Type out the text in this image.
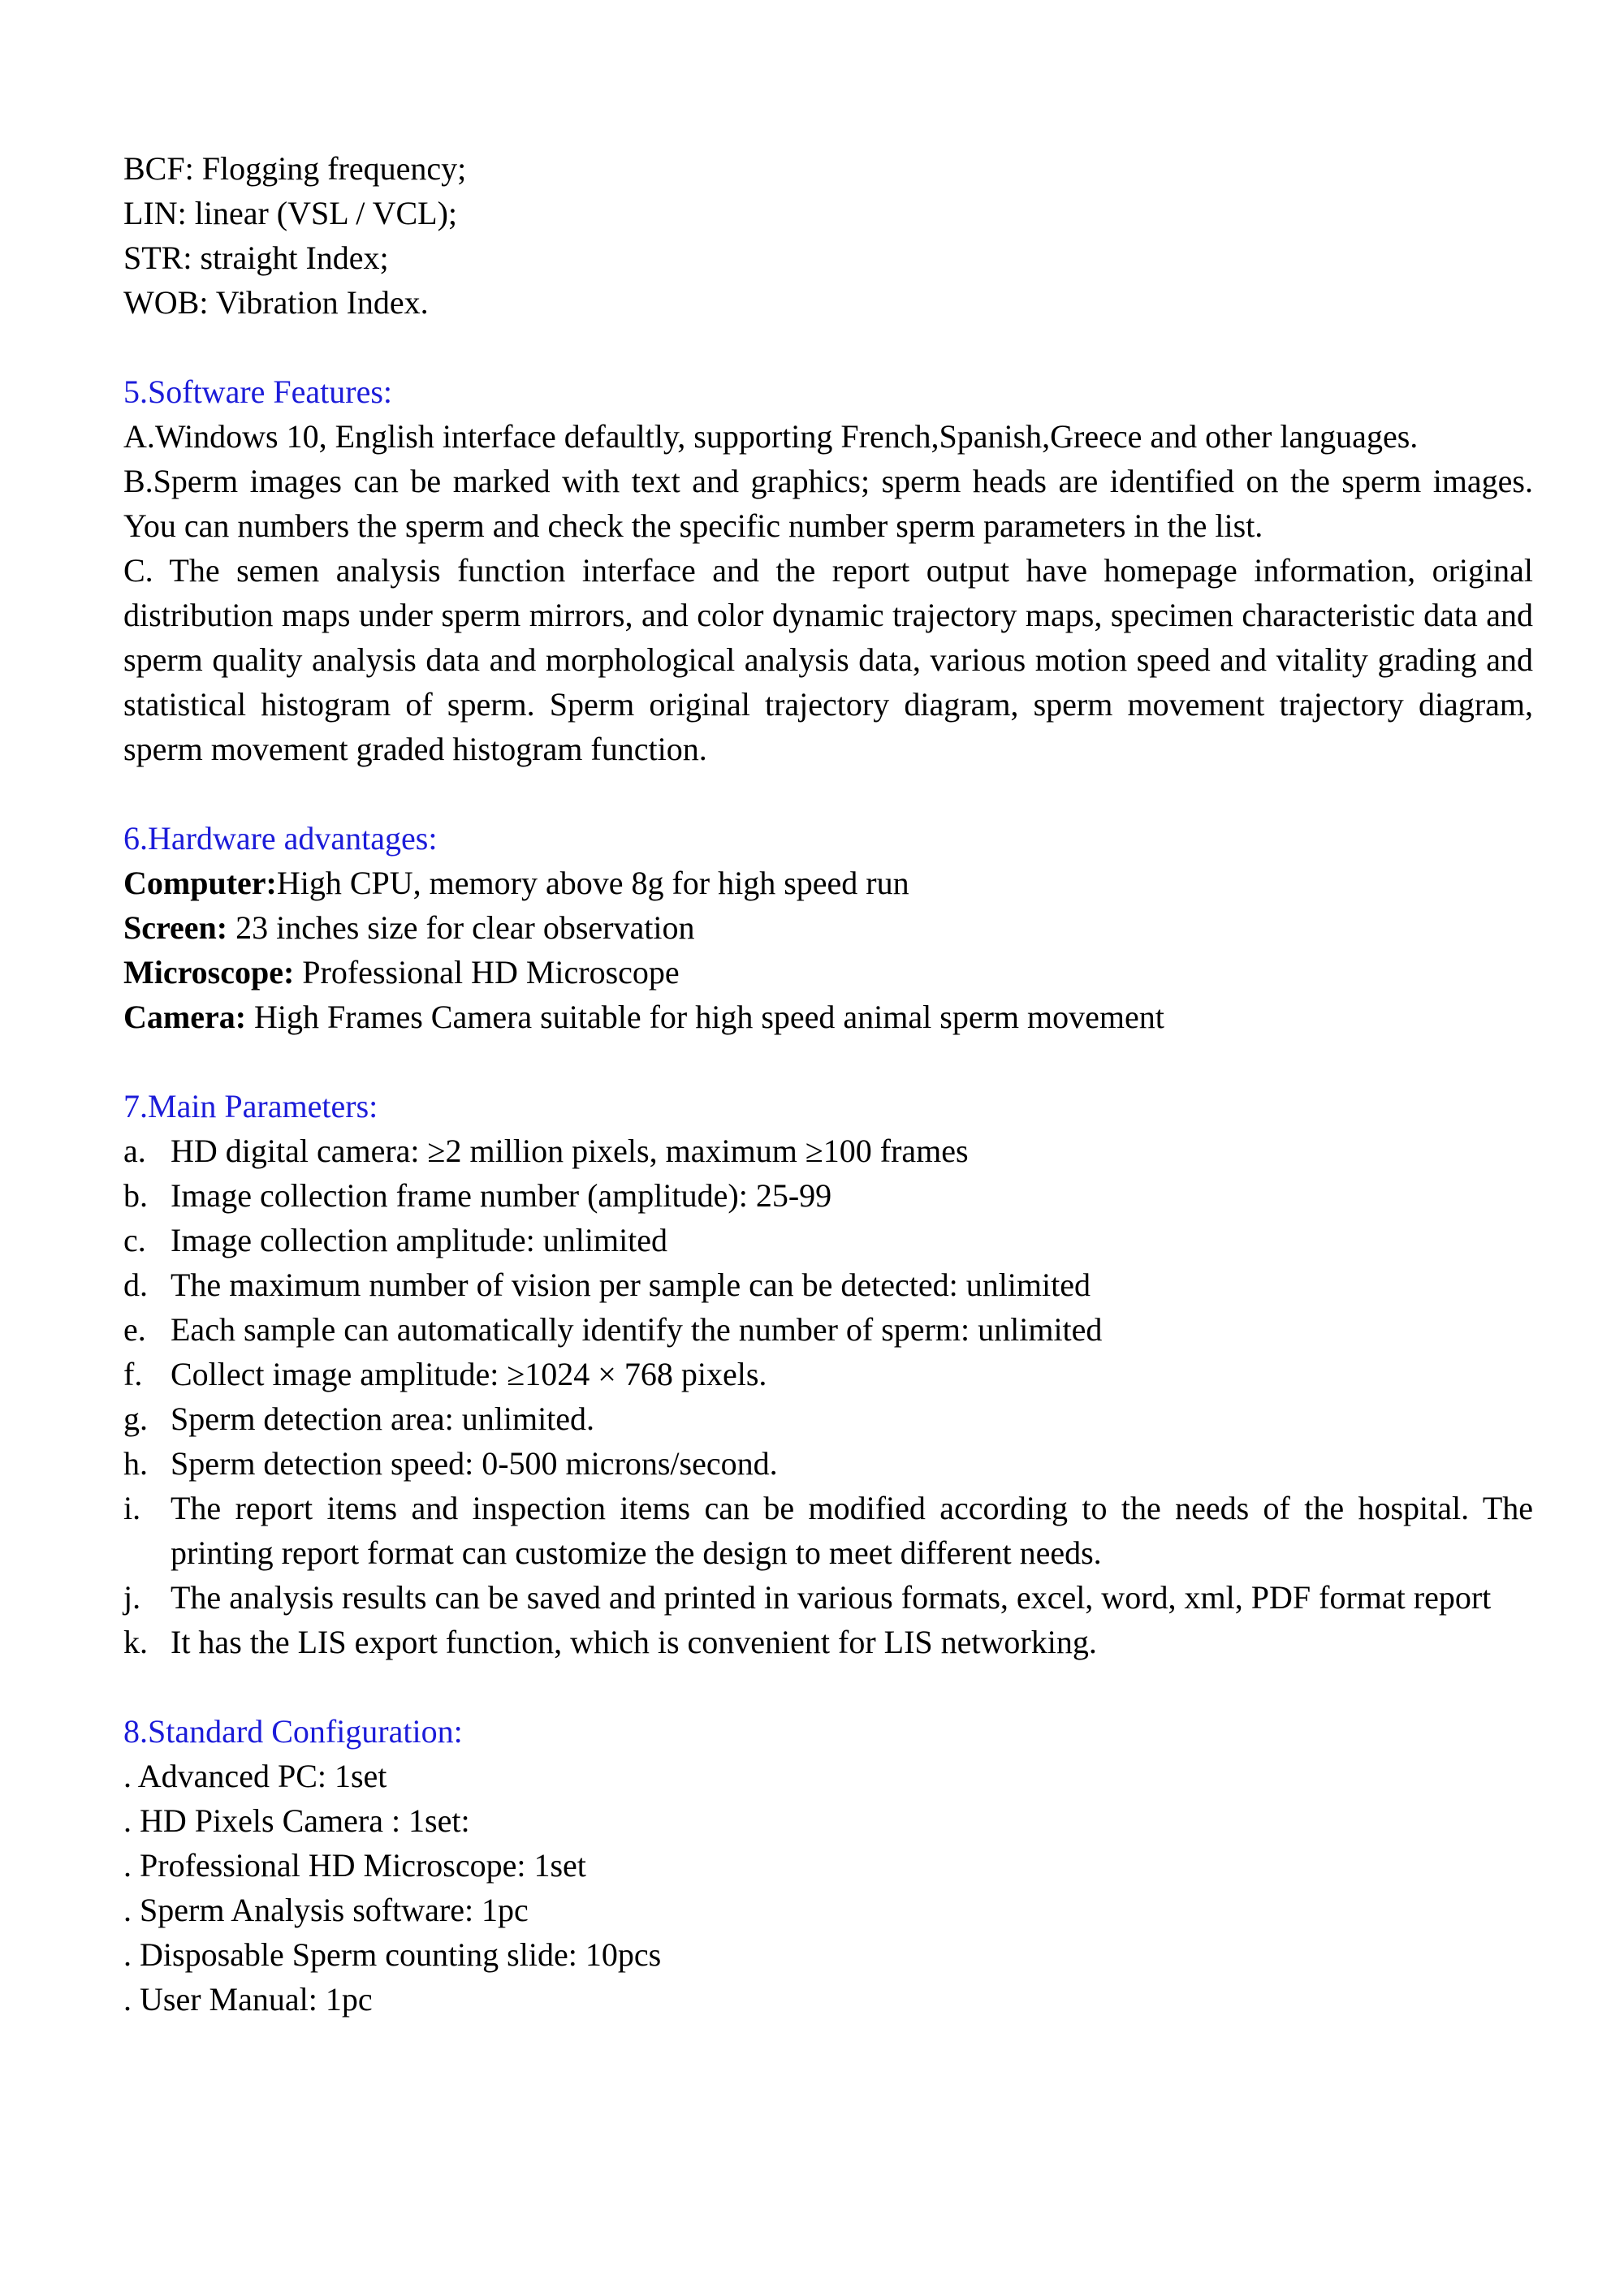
BCF: Flogging frequency;
LIN: linear (VSL / VCL);
STR: straight Index;
WOB: Vibration Index.
5.Software Features:
A.Windows 10, English interface defaultly, supporting French,Spanish,Greece and other languages.
B.Sperm images can be marked with text and graphics; sperm heads are identified on the sperm images. You can numbers the sperm and check the specific number sperm parameters in the list.
C. The semen analysis function interface and the report output have homepage information, original distribution maps under sperm mirrors, and color dynamic trajectory maps, specimen characteristic data and sperm quality analysis data and morphological analysis data, various motion speed and vitality grading and statistical histogram of sperm. Sperm original trajectory diagram, sperm movement trajectory diagram, sperm movement graded histogram function.
6.Hardware advantages:
Computer:High CPU, memory above 8g for high speed run
Screen: 23 inches size for clear observation
Microscope: Professional HD Microscope
Camera: High Frames Camera suitable for high speed animal sperm movement
7.Main Parameters:
a. HD digital camera: ≥2 million pixels, maximum ≥100 frames
b. Image collection frame number (amplitude): 25-99
c. Image collection amplitude: unlimited
d. The maximum number of vision per sample can be detected: unlimited
e. Each sample can automatically identify the number of sperm: unlimited
f. Collect image amplitude: ≥1024 × 768 pixels.
g. Sperm detection area: unlimited.
h. Sperm detection speed: 0-500 microns/second.
i. The report items and inspection items can be modified according to the needs of the hospital. The printing report format can customize the design to meet different needs.
j. The analysis results can be saved and printed in various formats, excel, word, xml, PDF format report
k. It has the LIS export function, which is convenient for LIS networking.
8.Standard Configuration:
. Advanced PC: 1set
. HD Pixels Camera : 1set:
. Professional HD Microscope: 1set
. Sperm Analysis software: 1pc
. Disposable Sperm counting slide: 10pcs
. User Manual: 1pc
